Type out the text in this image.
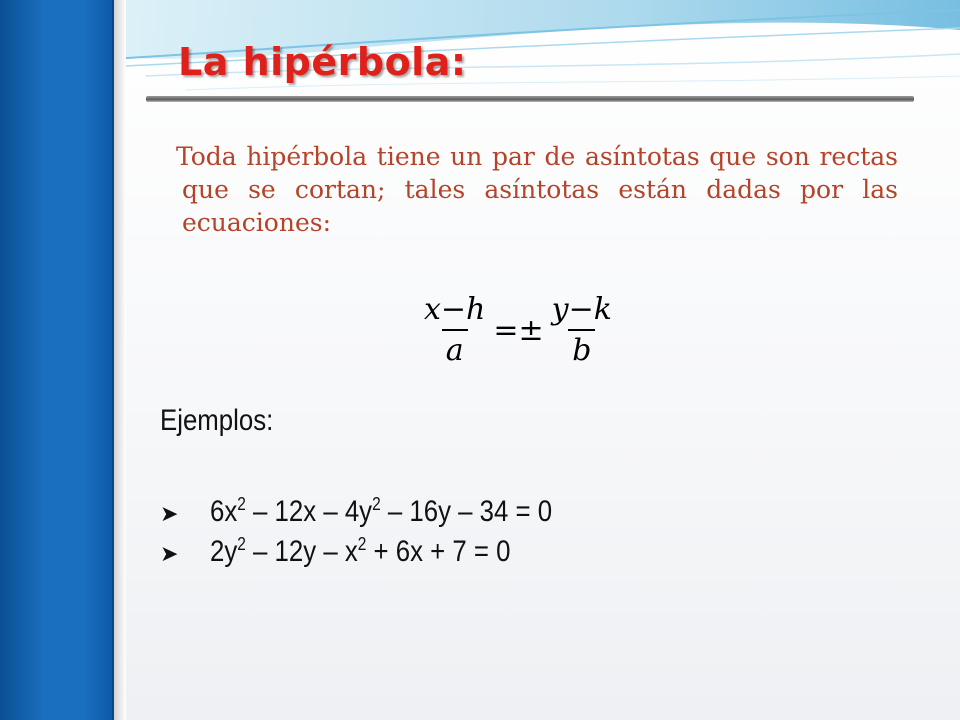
La hipérbola:

Toda hipérbola tiene un par de asíntotas que son rectas que se cortan; tales asíntotas están dadas por las ecuaciones:

$\frac{x-h}{a} =\pm \frac{y-k}{b}$

Ejemplos:

➤	$6x^2 - 12x - 4y^2 - 16y - 34 = 0$
➤	$2y^2 - 12y - x^2 + 6x + 7 = 0$
